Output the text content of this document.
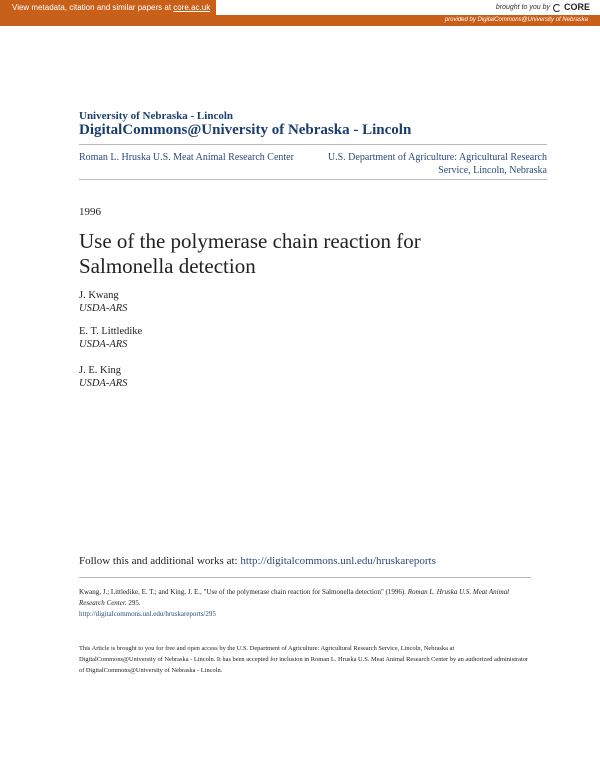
View metadata, citation and similar papers at core.ac.uk	brought to you by CORE
provided by DigitalCommons@University of Nebraska
University of Nebraska - Lincoln
DigitalCommons@University of Nebraska - Lincoln
Roman L. Hruska U.S. Meat Animal Research Center	U.S. Department of Agriculture: Agricultural Research Service, Lincoln, Nebraska
1996
Use of the polymerase chain reaction for Salmonella detection
J. Kwang
USDA-ARS
E. T. Littledike
USDA-ARS
J. E. King
USDA-ARS
Follow this and additional works at: http://digitalcommons.unl.edu/hruskareports
Kwang, J.; Littledike, E. T.; and King, J. E., "Use of the polymerase chain reaction for Salmonella detection" (1996). Roman L. Hruska U.S. Meat Animal Research Center. 295.
http://digitalcommons.unl.edu/hruskareports/295
This Article is brought to you for free and open access by the U.S. Department of Agriculture: Agricultural Research Service, Lincoln, Nebraska at DigitalCommons@University of Nebraska - Lincoln. It has been accepted for inclusion in Roman L. Hruska U.S. Meat Animal Research Center by an authorized administrator of DigitalCommons@University of Nebraska - Lincoln.
